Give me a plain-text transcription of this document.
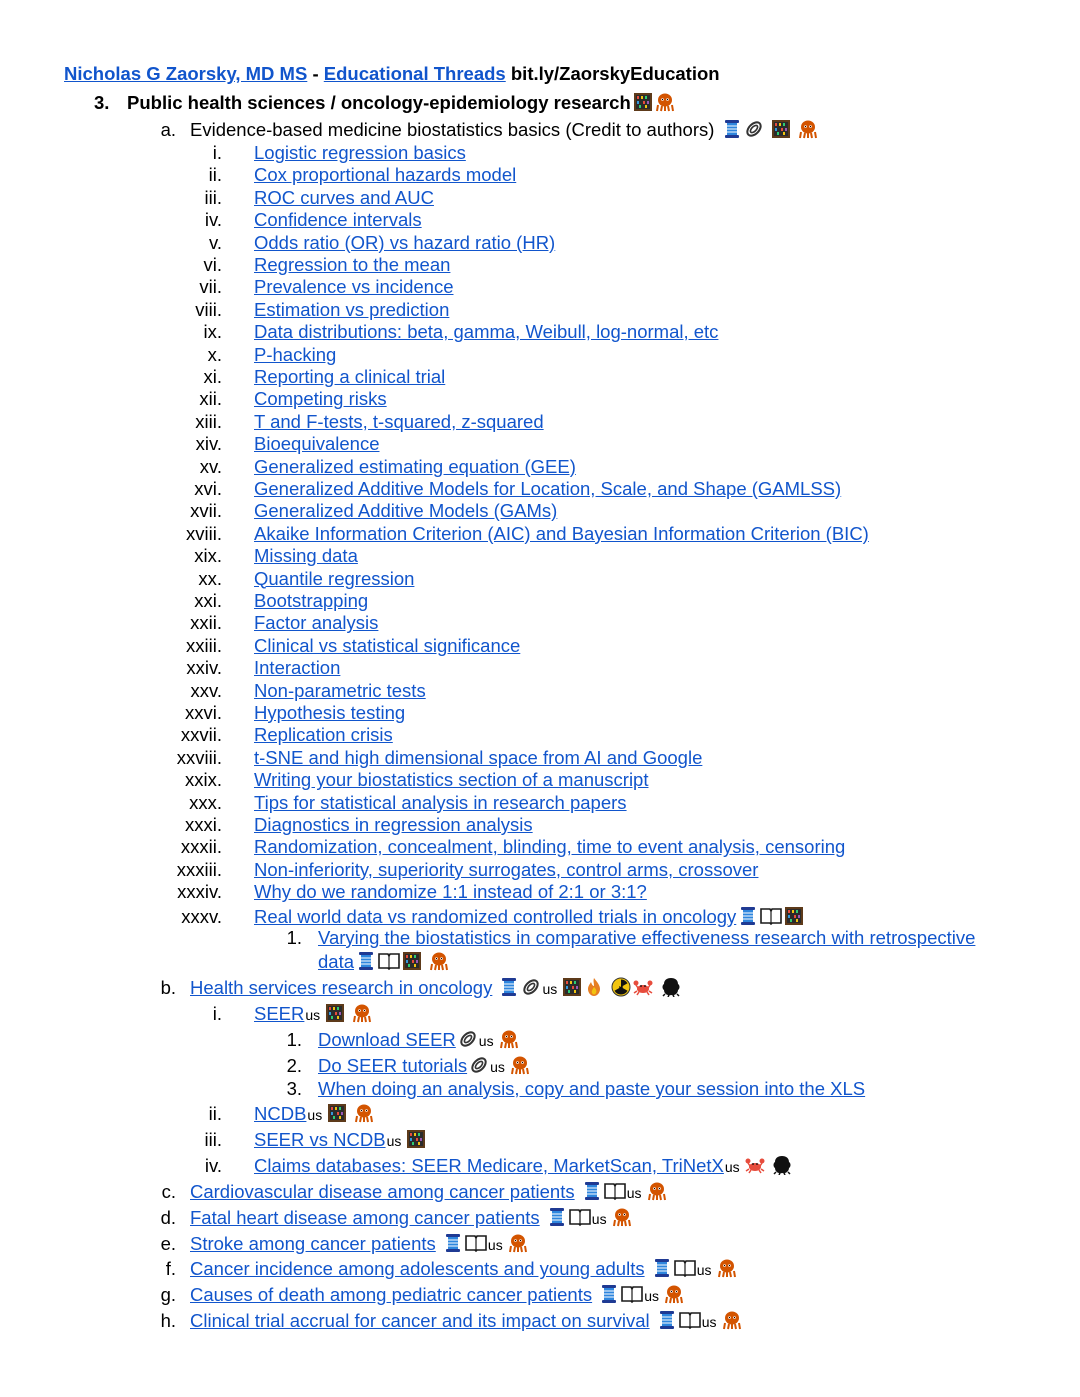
Nicholas G Zaorsky, MD MS - Educational Threads bit.ly/ZaorskyEducation
3. Public health sciences / oncology-epidemiology research
a. Evidence-based medicine biostatistics basics (Credit to authors)
i. Logistic regression basics
ii. Cox proportional hazards model
iii. ROC curves and AUC
iv. Confidence intervals
v. Odds ratio (OR) vs hazard ratio (HR)
vi. Regression to the mean
vii. Prevalence vs incidence
viii. Estimation vs prediction
ix. Data distributions: beta, gamma, Weibull, log-normal, etc
x. P-hacking
xi. Reporting a clinical trial
xii. Competing risks
xiii. T and F-tests, t-squared, z-squared
xiv. Bioequivalence
xv. Generalized estimating equation (GEE)
xvi. Generalized Additive Models for Location, Scale, and Shape (GAMLSS)
xvii. Generalized Additive Models (GAMs)
xviii. Akaike Information Criterion (AIC) and Bayesian Information Criterion (BIC)
xix. Missing data
xx. Quantile regression
xxi. Bootstrapping
xxii. Factor analysis
xxiii. Clinical vs statistical significance
xxiv. Interaction
xxv. Non-parametric tests
xxvi. Hypothesis testing
xxvii. Replication crisis
xxviii. t-SNE and high dimensional space from AI and Google
xxix. Writing your biostatistics section of a manuscript
xxx. Tips for statistical analysis in research papers
xxxi. Diagnostics in regression analysis
xxxii. Randomization, concealment, blinding, time to event analysis, censoring
xxxiii. Non-inferiority, superiority surrogates, control arms, crossover
xxxiv. Why do we randomize 1:1 instead of 2:1 or 3:1?
xxxv. Real world data vs randomized controlled trials in oncology
1. Varying the biostatistics in comparative effectiveness research with retrospective
data
b. Health services research in oncology	us
i. SEERus
1. Download SEER us
2. Do SEER tutorials us
3. When doing an analysis, copy and paste your session into the XLS
ii. NCDBus
iii. SEER vs NCDBus
iv. Claims databases: SEER Medicare, MarketScan, TriNetXus
c. Cardiovascular disease among cancer patients	us
d. Fatal heart disease among cancer patients	us
e. Stroke among cancer patients	us
f. Cancer incidence among adolescents and young adults	us
g. Causes of death among pediatric cancer patients	us
h. Clinical trial accrual for cancer and its impact on survival	us
